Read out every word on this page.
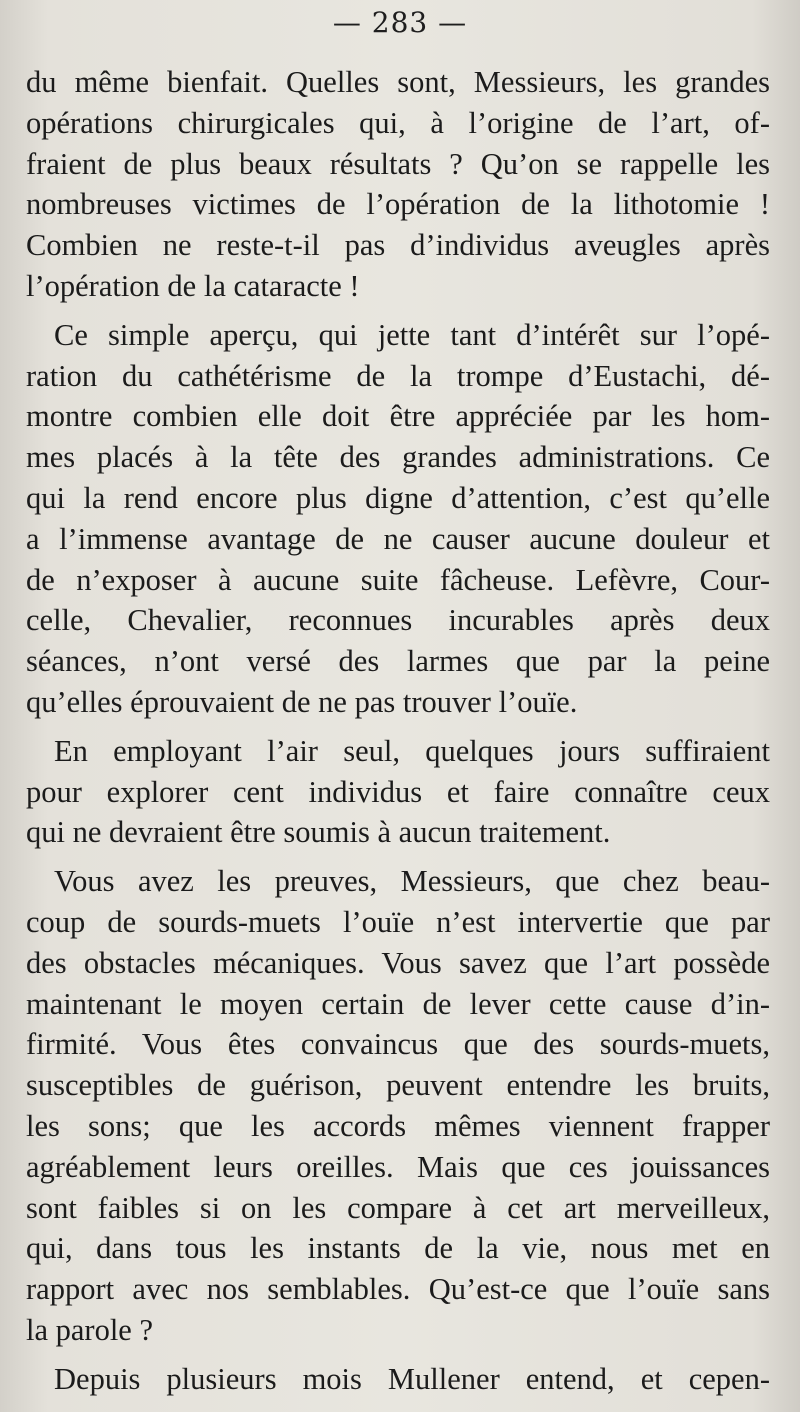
— 283 —
du même bienfait. Quelles sont, Messieurs, les grandes
opérations chirurgicales qui, à l’origine de l’art, of-
fraient de plus beaux résultats ? Qu’on se rappelle les
nombreuses victimes de l’opération de la lithotomie !
Combien ne reste-t-il pas d’individus aveugles après
l’opération de la cataracte !
Ce simple aperçu, qui jette tant d’intérêt sur l’opé-
ration du cathétérisme de la trompe d’Eustachi, dé-
montre combien elle doit être appréciée par les hom-
mes placés à la tête des grandes administrations. Ce
qui la rend encore plus digne d’attention, c’est qu’elle
a l’immense avantage de ne causer aucune douleur et
de n’exposer à aucune suite fâcheuse. Lefèvre, Cour-
celle, Chevalier, reconnues incurables après deux
séances, n’ont versé des larmes que par la peine
qu’elles éprouvaient de ne pas trouver l’ouïe.
En employant l’air seul, quelques jours suffiraient
pour explorer cent individus et faire connaître ceux
qui ne devraient être soumis à aucun traitement.
Vous avez les preuves, Messieurs, que chez beau-
coup de sourds-muets l’ouïe n’est intervertie que par
des obstacles mécaniques. Vous savez que l’art possède
maintenant le moyen certain de lever cette cause d’in-
firmité. Vous êtes convaincus que des sourds-muets,
susceptibles de guérison, peuvent entendre les bruits,
les sons; que les accords mêmes viennent frapper
agréablement leurs oreilles. Mais que ces jouissances
sont faibles si on les compare à cet art merveilleux,
qui, dans tous les instants de la vie, nous met en
rapport avec nos semblables. Qu’est-ce que l’ouïe sans
la parole ?
Depuis plusieurs mois Mullener entend, et cepen-
